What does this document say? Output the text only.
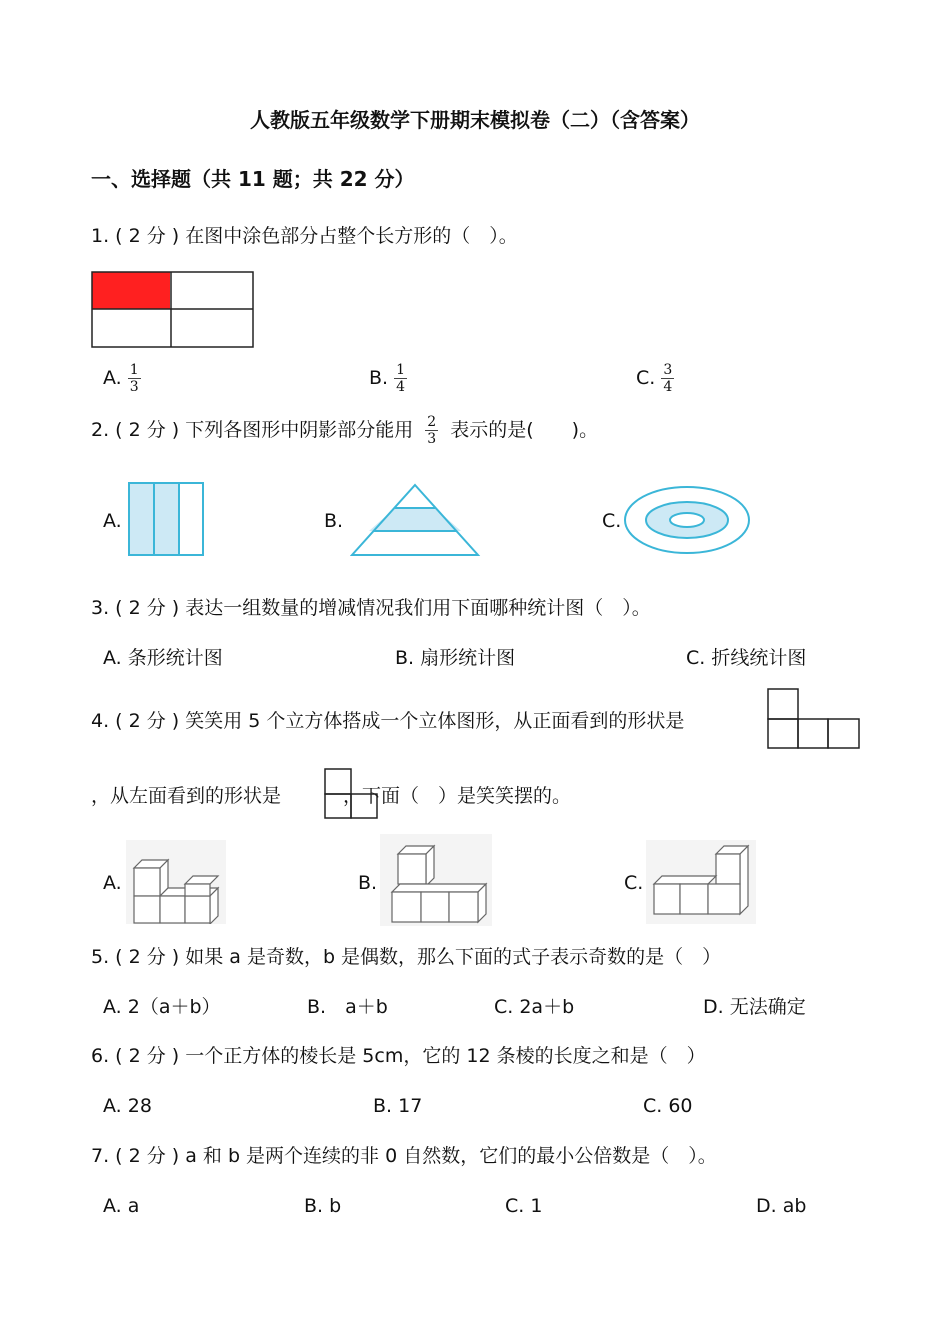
人教版五年级数学下册期末模拟卷（二）（含答案）
一、选择题（共 11 题；共 22 分）
1. ( 2 分 ) 在图中涂色部分占整个长方形的（　）。
A. $\frac{1}{3}$	B. $\frac{1}{4}$	C. $\frac{3}{4}$
2. ( 2 分 ) 下列各图形中阴影部分能用 $\frac{2}{3}$ 表示的是(　　)。
A.	B.	C.
3. ( 2 分 ) 表达一组数量的增减情况我们用下面哪种统计图（　）。
A. 条形统计图	B. 扇形统计图	C. 折线统计图
4. ( 2 分 ) 笑笑用 5 个立方体搭成一个立体图形，从正面看到的形状是
，从左面看到的形状是	，下面（　）是笑笑摆的。
A.	B.	C.
5. ( 2 分 ) 如果 a 是奇数，b 是偶数，那么下面的式子表示奇数的是（　）
A. 2（a＋b）	B.　a＋b	C. 2a＋b	D. 无法确定
6. ( 2 分 ) 一个正方体的棱长是 5cm，它的 12 条棱的长度之和是（　）
A. 28	B. 17	C. 60
7. ( 2 分 ) a 和 b 是两个连续的非 0 自然数，它们的最小公倍数是（　）。
A. a	B. b	C. 1	D. ab
